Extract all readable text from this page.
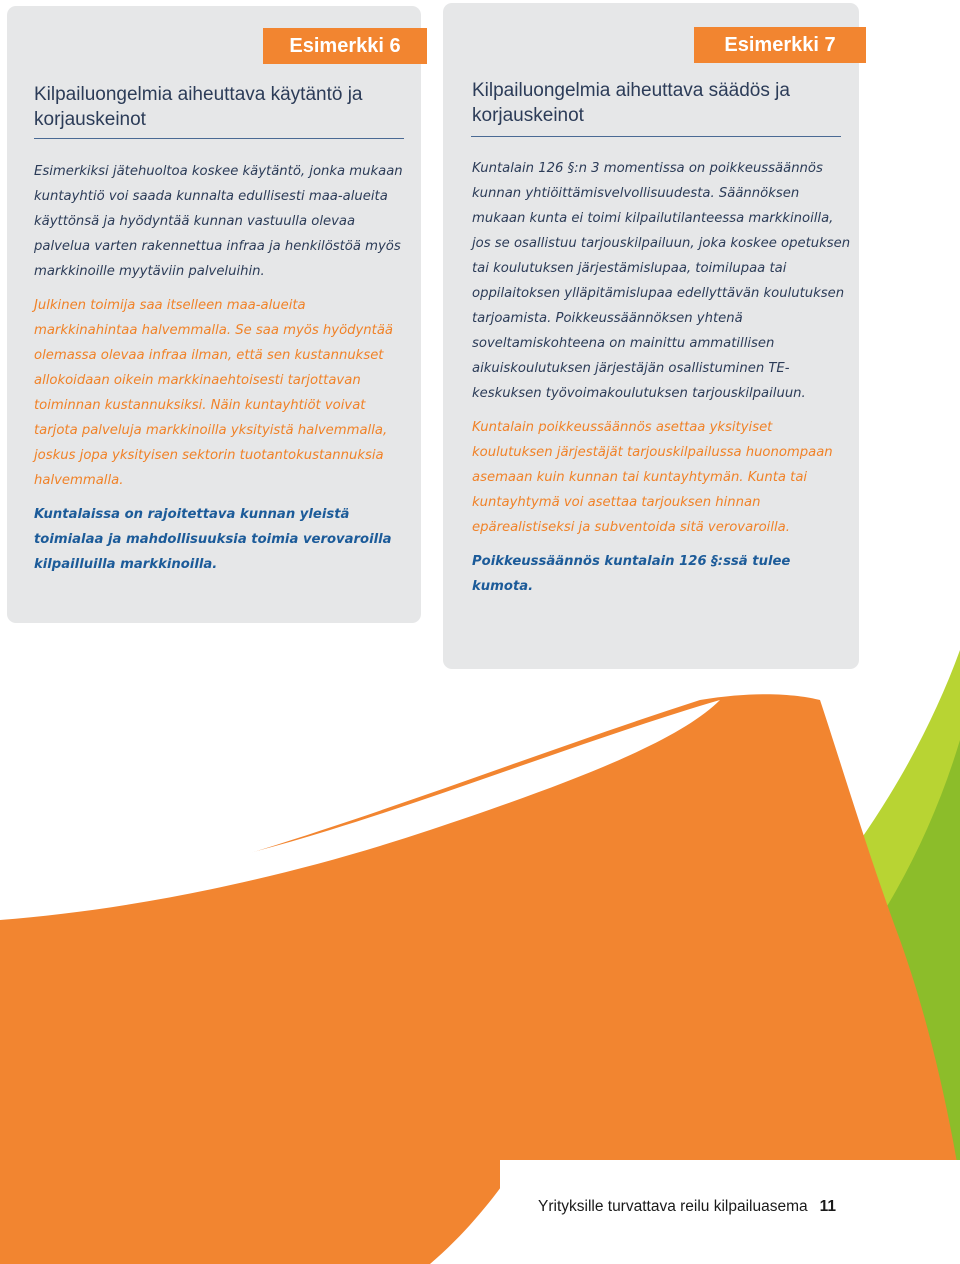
Esimerkki 6
Kilpailuongelmia aiheuttava käytäntö ja korjauskeinot

Esimerkiksi jätehuoltoa koskee käytäntö, jonka mukaan kuntayhtiö voi saada kunnalta edullisesti maa-alueita käyttönsä ja hyödyntää kunnan vastuulla olevaa palvelua varten rakennettua infraa ja henkilöstöä myös markkinoille myytäviin palveluihin.

Julkinen toimija saa itselleen maa-alueita markkinahintaa halvemmalla. Se saa myös hyödyntää olemassa olevaa infraa ilman, että sen kustannukset allokoidaan oikein markkinaehtoisesti tarjottavan toiminnan kustannuksiksi. Näin kuntayhtiöt voivat tarjota palveluja markkinoilla yksityistä halvemmalla, joskus jopa yksityisen sektorin tuotantokustannuksia halvemmalla.

Kuntalaissa on rajoitettava kunnan yleistä toimialaa ja mahdollisuuksia toimia verovaroilla kilpailluilla markkinoilla.

Esimerkki 7
Kilpailuongelmia aiheuttava säädös ja korjauskeinot

Kuntalain 126 §:n 3 momentissa on poikkeussäännös kunnan yhtiöittämisvelvollisuudesta. Säännöksen mukaan kunta ei toimi kilpailutilanteessa markkinoilla, jos se osallistuu tarjouskilpailuun, joka koskee opetuksen tai koulutuksen järjestämislupaa, toimilupaa tai oppilaitoksen ylläpitämislupaa edellyttävän koulutuksen tarjoamista. Poikkeussäännöksen yhtenä soveltamiskohteena on mainittu ammatillisen aikuiskoulutuksen järjestäjän osallistuminen TE-keskuksen työvoimakoulutuksen tarjouskilpailuun.

Kuntalain poikkeussäännös asettaa yksityiset koulutuksen järjestäjät tarjouskilpailussa huonompaan asemaan kuin kunnan tai kuntayhtymän. Kunta tai kuntayhtymä voi asettaa tarjouksen hinnan epärealistiseksi ja subventoida sitä verovaroilla.

Poikkeussäännös kuntalain 126 §:ssä tulee kumota.

Yrityksille turvattava reilu kilpailuasema 11
